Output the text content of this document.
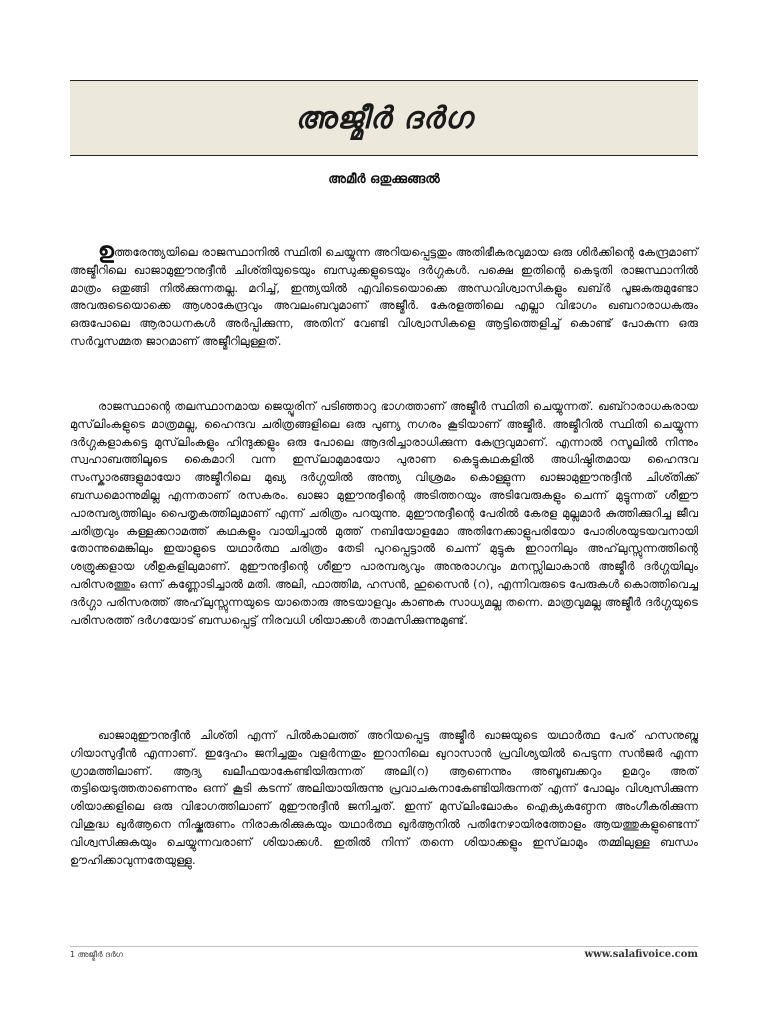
അജ്മീര്‍ ദര്‍ഗ
അമീര്‍ ഒതുക്കുങ്ങല്‍
ഉത്തരേന്ത്യയിലെ രാജസ്ഥാനില്‍ സ്ഥിതി ചെയ്യുന്ന അറിയപ്പെട്ടതും അതിഭീകരവുമായ ഒരു ശിര്‍ക്കിന്റെ കേന്ദ്രമാണ് അജ്മീറിലെ ഖാജാമുഈനുദ്ദീന്‍ ചിശ്തിയുടെയും ബന്ധുക്കളുടെയും ദര്‍ഗ്ഗകള്‍. പക്ഷെ ഇതിന്റെ കെടുതി രാജസ്ഥാനില്‍ മാത്രം ഒതുങ്ങി നില്‍ക്കുന്നതല്ല. മറിച്ച്, ഇന്ത്യയില്‍ എവിടെയൊക്കെ അന്ധവിശ്വാസികളും ഖബ്ര്‍ പൂജകരുമുണ്ടോ അവരുടെയൊക്കെ ആശാകേന്ദ്രവും അവലംബവുമാണ് അജ്മീര്‍. കേരളത്തിലെ എല്ലാ വിഭാഗം ഖബറാരാധകരും ഒരുപോലെ ആരാധനകള്‍ അര്‍പ്പിക്കുന്ന, അതിന് വേണ്ടി വിശ്വാസികളെ ആട്ടിത്തെളിച്ച് കൊണ്ട് പോകുന്ന ഒരു സര്‍വ്വസമ്മത ജാറമാണ് അജ്മീറിലുള്ളത്.
രാജസ്ഥാന്റെ തലസ്ഥാനമായ ജെയ്പൂരിന് പടിഞ്ഞാറു ഭാഗത്താണ് അജ്മീര്‍ സ്ഥിതി ചെയ്യുന്നത്. ഖബ്റാരാധകരായ മുസ്‌ലിംകളുടെ മാത്രമല്ല, ഹൈന്ദവ ചരിത്രങ്ങളിലെ ഒരു പുണ്യ നഗരം കൂടിയാണ് അജ്മീര്‍. അജ്മീറില്‍ സ്ഥിതി ചെയ്യുന്ന ദര്‍ഗ്ഗകളാകട്ടെ മുസ്‌ലിംകളും ഹിന്ദുക്കളും ഒരു പോലെ ആദരിച്ചാരാധിക്കുന്ന കേന്ദ്രവുമാണ്. എന്നാല്‍ റസൂലില്‍ നിന്നും സ്വഹാബത്തിലൂടെ കൈമാറി വന്ന ഇസ്‌ലാമുമായോ പുരാണ കെട്ടുകഥകളില്‍ അധിഷ്ഠിതമായ ഹൈന്ദവ സംസ്കാരങ്ങളുമായോ അജ്മീറിലെ മുഖ്യ ദര്‍ഗ്ഗയില്‍ അന്ത്യ വിശ്രമം കൊള്ളുന്ന ഖാജാമുഈനുദ്ദീന്‍ ചിശ്തിക്ക് ബന്ധമൊന്നുമില്ല എന്നതാണ് രസകരം. ഖാജാ മുഈനുദ്ദീന്റെ അടിത്തറയും അടിവേരുകളും ചെന്ന് മുട്ടുന്നത് ശീഈ പാരമ്പര്യത്തിലും പൈതൃകത്തിലുമാണ് എന്ന് ചരിത്രം പറയുന്നു. മുഈനുദ്ദീന്റെ പേരില്‍ കേരള മുല്ലമാര്‍ കുത്തിക്കുറിച്ച ജീവ ചരിത്രവും കള്ളക്കറാമത്ത് കഥകളും വായിച്ചാല്‍ മുത്ത് നബിയോളമോ അതിനേക്കാളുപരിയോ പോരിശയുടയവനായി തോന്നുമെങ്കിലും ഇയാളുടെ യഥാര്‍ത്ഥ ചരിത്രം തേടി പുറപ്പെട്ടാല്‍ ചെന്ന് മുട്ടുക ഇറാനിലും അഹ്‌ലുസ്സുന്നത്തിന്റെ ശത്രുക്കളായ ശീഉകളിലുമാണ്. മുഈനുദ്ദീന്റെ ശീഈ പാരമ്പര്യവും അനുരാഗവും മനസ്സിലാകാന്‍ അജ്മീര്‍ ദര്‍ഗ്ഗയിലും പരിസരത്തും ഒന്ന് കണ്ണോടിച്ചാല്‍ മതി. അലി, ഫാത്തിമ, ഹസന്‍, ഹുസൈന്‍ (റ), എന്നിവരുടെ പേരുകള്‍ കൊത്തിവെച്ച ദര്‍ഗ്ഗാ പരിസരത്ത് അഹ്‌ലുസ്സുന്നയുടെ യാതൊരു അടയാളവും കാണുക സാധ്യമല്ല തന്നെ. മാത്രവുമല്ല അജ്മീര്‍ ദര്‍ഗ്ഗയുടെ പരിസരത്ത് ദര്‍ഗയോട് ബന്ധപ്പെട്ട് നിരവധി ശിയാക്കള്‍ താമസിക്കുന്നുമുണ്ട്.
ഖാജാമുഈനുദ്ദീന്‍ ചിശ്തി എന്ന് പില്‍കാലത്ത് അറിയപ്പെട്ട അജ്മീര്‍ ഖാജയുടെ യഥാര്‍ത്ഥ പേര് ഹസനുബ്നു ഗിയാസുദ്ദീന്‍ എന്നാണ്. ഇദ്ദേഹം ജനിച്ചതും വളര്‍ന്നതും ഇറാനിലെ ഖുറാസാന്‍ പ്രവിശ്യയില്‍ പെടുന്ന സന്‍ജര്‍ എന്ന ഗ്രാമത്തിലാണ്. ആദ്യ ഖലീഫയാകേണ്ടിയിരുന്നത് അലി(റ) ആണെന്നും അബൂബക്കറും ഉമറും അത് തട്ടിയെടുത്തതാണെന്നും ഒന്ന് കൂടി കടന്ന് അലിയായിരുന്നു പ്രവാചകനാകേണ്ടിയിരുന്നത് എന്ന് പോലും വിശ്വസിക്കുന്ന ശിയാക്കളിലെ ഒരു വിഭാഗത്തിലാണ് മുഈനുദ്ദീന്‍ ജനിച്ചത്. ഇന്ന് മുസ്‌ലിംലോകം ഐക്യകണ്ഠേന അംഗീകരിക്കുന്ന വിശുദ്ധ ഖുര്‍ആനെ നിഷ്കരുണം നിരാകരിക്കുകയും യഥാര്‍ത്ഥ ഖുര്‍ആനില്‍ പതിനേഴായിരത്തോളം ആയത്തുകളുണ്ടെന്ന് വിശ്വസിക്കുകയും ചെയ്യുന്നവരാണ് ശിയാക്കള്‍. ഇതില്‍ നിന്ന് തന്നെ ശിയാക്കളും ഇസ്‌ലാമും തമ്മിലുള്ള ബന്ധം ഊഹിക്കാവുന്നതേയുള്ളു.
1 അജ്മീര്‍ ദര്‍ഗ	www.salafivoice.com
